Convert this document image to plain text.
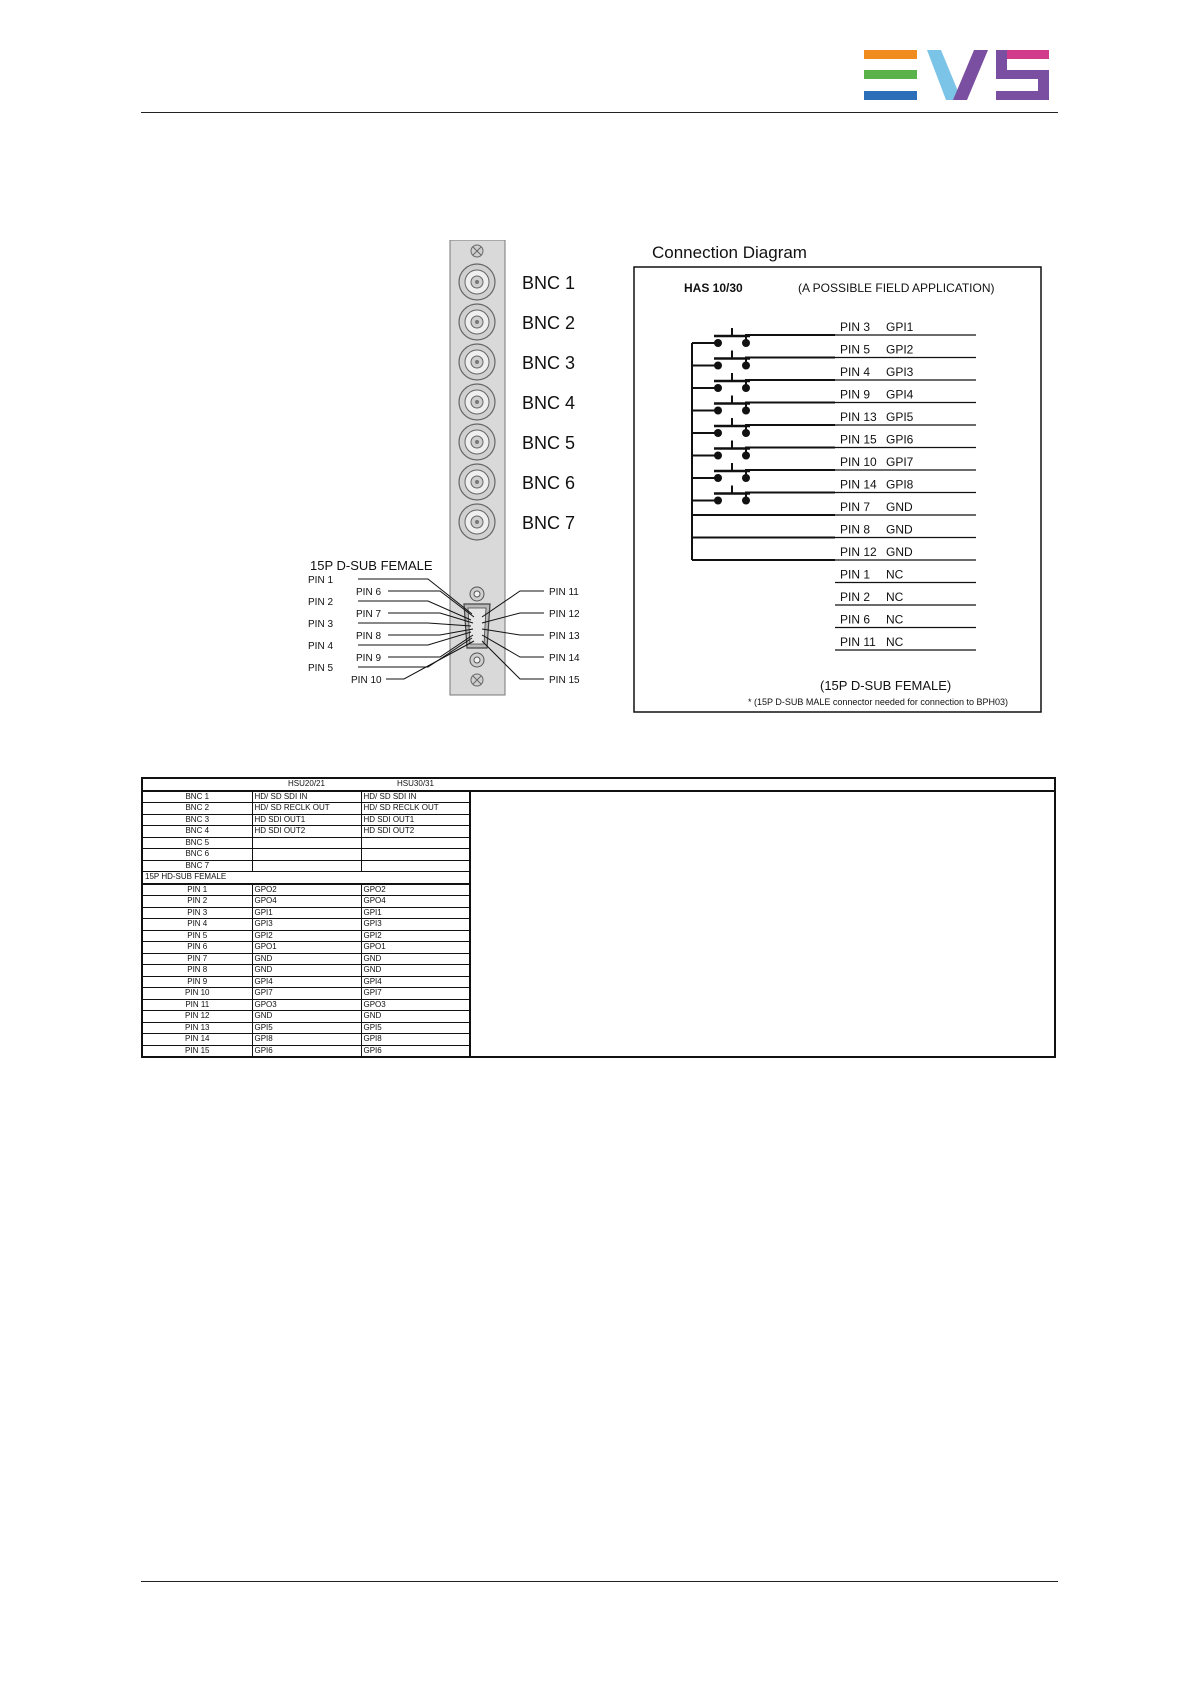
BNC 1
BNC 2
BNC 3
BNC 4
BNC 5
BNC 6
BNC 7
15P D-SUB FEMALE
PIN 1
PIN 2
PIN 3
PIN 4
PIN 5
PIN 6
PIN 7
PIN 8
PIN 9
PIN 10
PIN 11
PIN 12
PIN 13
PIN 14
PIN 15
Connection Diagram
HAS 10/30	(A POSSIBLE FIELD APPLICATION)
PIN 3 GPI1
PIN 5 GPI2
PIN 4 GPI3
PIN 9 GPI4
PIN 13 GPI5
PIN 15 GPI6
PIN 10 GPI7
PIN 14 GPI8
PIN 7 GND
PIN 8 GND
PIN 12 GND
PIN 1 NC
PIN 2 NC
PIN 6 NC
PIN 11 NC
(15P D-SUB FEMALE)
* (15P D-SUB MALE connector needed for connection to BPH03)
	HSU20/21	HSU30/31	
BNC 1	HD/ SD SDI IN	HD/ SD SDI IN	
BNC 2	HD/ SD RECLK OUT	HD/ SD RECLK OUT	
BNC 3	HD SDI OUT1	HD SDI OUT1	
BNC 4	HD SDI OUT2	HD SDI OUT2	
BNC 5			
BNC 6			
BNC 7			
15P HD-SUB FEMALE			
PIN 1	GPO2	GPO2	
PIN 2	GPO4	GPO4	
PIN 3	GPI1	GPI1	
PIN 4	GPI3	GPI3	
PIN 5	GPI2	GPI2	
PIN 6	GPO1	GPO1	
PIN 7	GND	GND	
PIN 8	GND	GND	
PIN 9	GPI4	GPI4	
PIN 10	GPI7	GPI7	
PIN 11	GPO3	GPO3	
PIN 12	GND	GND	
PIN 13	GPI5	GPI5	
PIN 14	GPI8	GPI8	
PIN 15	GPI6	GPI6	
